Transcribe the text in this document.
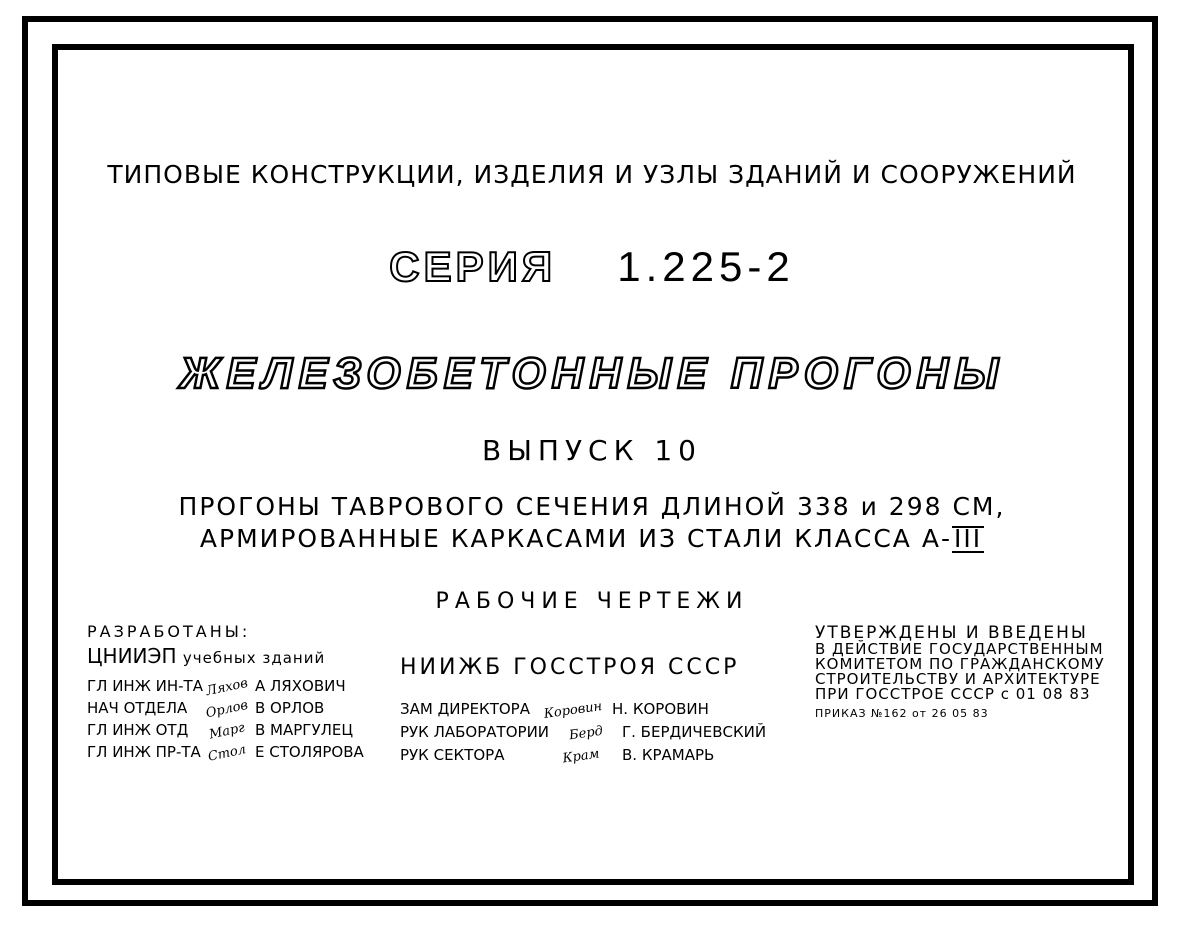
ТИПОВЫЕ КОНСТРУКЦИИ, ИЗДЕЛИЯ И УЗЛЫ ЗДАНИЙ И СООРУЖЕНИЙ
СЕРИЯ 1.225-2
ЖЕЛЕЗОБЕТОННЫЕ ПРОГОНЫ
ВЫПУСК 10
ПРОГОНЫ ТАВРОВОГО СЕЧЕНИЯ ДЛИНОЙ 338 и 298 СМ,
АРМИРОВАННЫЕ КАРКАСАМИ ИЗ СТАЛИ КЛАССА А-III
РАБОЧИЕ ЧЕРТЕЖИ
РАЗРАБОТАНЫ:
ЦНИИЭП учебных зданий
ГЛ ИНЖ ИН-ТА Ляхов А ЛЯХОВИЧ
НАЧ ОТДЕЛА	Орлов В ОРЛОВ
ГЛ ИНЖ ОТД	Марг В МАРГУЛЕЦ
ГЛ ИНЖ ПР-ТА Стол Е СТОЛЯРОВА
НИИЖБ ГОССТРОЯ СССР
ЗАМ ДИРЕКТОРА Коровин Н. КОРОВИН
РУК ЛАБОРАТОРИИ	Берд	Г. БЕРДИЧЕВСКИЙ
РУК СЕКТОРА	Крам	В. КРАМАРЬ
УТВЕРЖДЕНЫ И ВВЕДЕНЫ
В ДЕЙСТВИЕ ГОСУДАРСТВЕННЫМ
КОМИТЕТОМ ПО ГРАЖДАНСКОМУ
СТРОИТЕЛЬСТВУ И АРХИТЕКТУРЕ
ПРИ ГОССТРОЕ СССР с 01 08 83
ПРИКАЗ №162 от 26 05 83
